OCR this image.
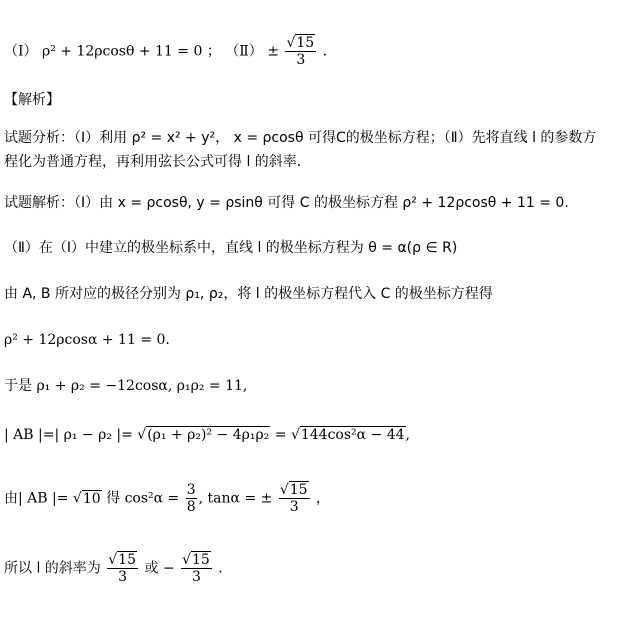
（Ⅰ） ρ² + 12ρcosθ + 11 = 0 ； （Ⅱ） ± $\frac{√15}{3}$ ．
【解析】
试题分析：（Ⅰ）利用 ρ² = x² + y²， x = ρcosθ 可得C的极坐标方程；（Ⅱ）先将直线 l 的参数方
程化为普通方程，再利用弦长公式可得 l 的斜率．
试题解析：（Ⅰ）由 x = ρcosθ, y = ρsinθ 可得 C 的极坐标方程 ρ² + 12ρcosθ + 11 = 0.
（Ⅱ）在（Ⅰ）中建立的极坐标系中，直线 l 的极坐标方程为 θ = α(ρ ∈ R)
由 A, B 所对应的极径分别为 ρ₁, ρ₂，将 l 的极坐标方程代入 C 的极坐标方程得
ρ² + 12ρcosα + 11 = 0.
于是 ρ₁ + ρ₂ = −12cosα, ρ₁ρ₂ = 11,
| AB |=| ρ₁ − ρ₂ |= √(ρ₁ + ρ₂)² − 4ρ₁ρ₂ = √144cos²α − 44,
由| AB |= √10 得 $\cos^2\alpha = \frac{3}{8}$ , tanα = ± $\frac{√15}{3}$ ，
所以 l 的斜率为 $\frac{√15}{3}$ 或 − $\frac{√15}{3}$ ．
